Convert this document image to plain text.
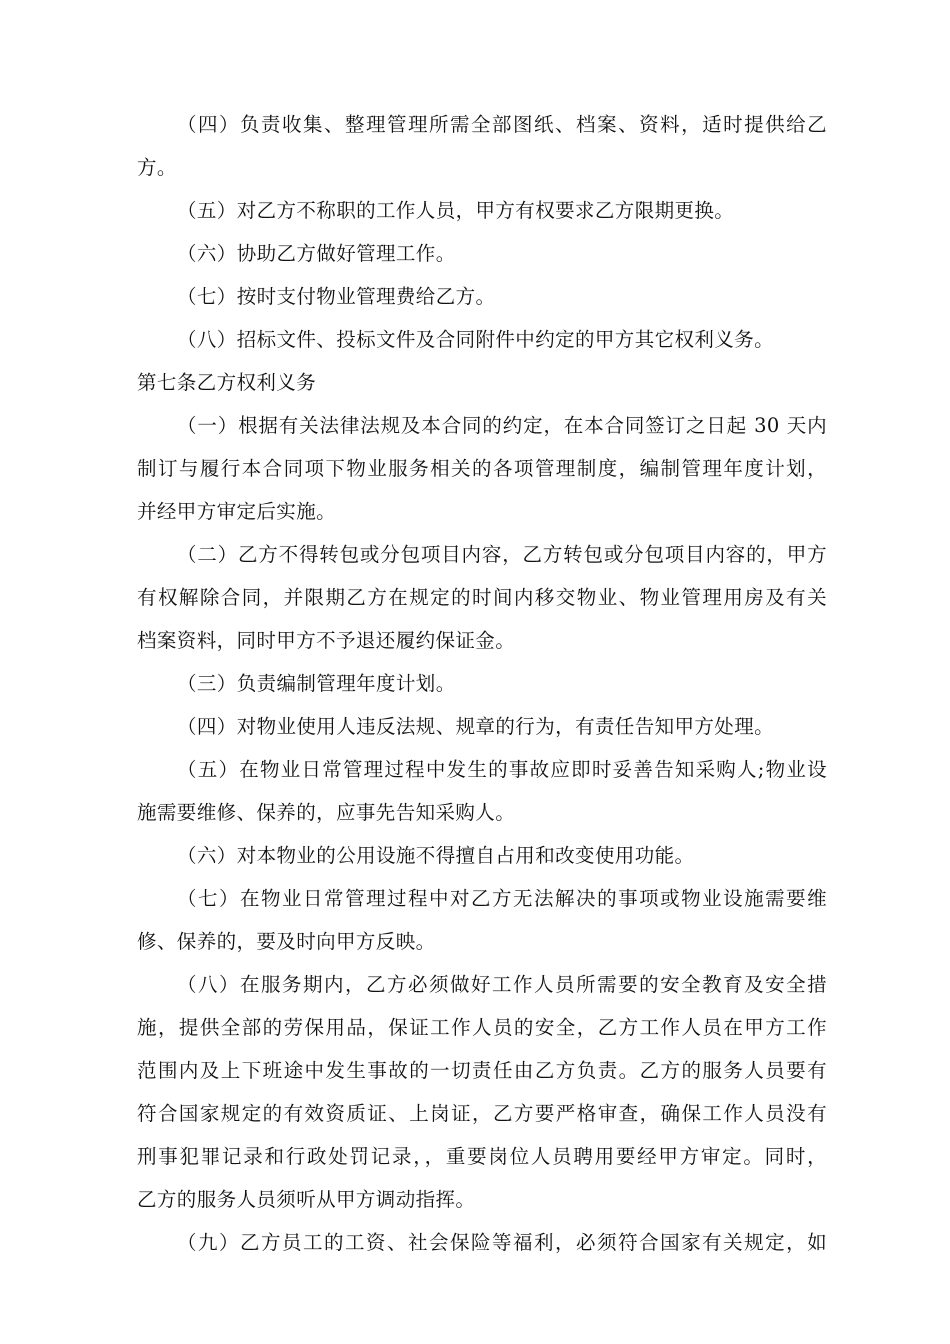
（四）负责收集、整理管理所需全部图纸、档案、资料，适时提供给乙
方。
（五）对乙方不称职的工作人员，甲方有权要求乙方限期更换。
（六）协助乙方做好管理工作。
（七）按时支付物业管理费给乙方。
（八）招标文件、投标文件及合同附件中约定的甲方其它权利义务。
第七条乙方权利义务
（一）根据有关法律法规及本合同的约定，在本合同签订之日起 30 天内
制订与履行本合同项下物业服务相关的各项管理制度，编制管理年度计划，
并经甲方审定后实施。
（二）乙方不得转包或分包项目内容，乙方转包或分包项目内容的，甲方
有权解除合同，并限期乙方在规定的时间内移交物业、物业管理用房及有关
档案资料，同时甲方不予退还履约保证金。
（三）负责编制管理年度计划。
（四）对物业使用人违反法规、规章的行为，有责任告知甲方处理。
（五）在物业日常管理过程中发生的事故应即时妥善告知采购人;物业设
施需要维修、保养的，应事先告知采购人。
（六）对本物业的公用设施不得擅自占用和改变使用功能。
（七）在物业日常管理过程中对乙方无法解决的事项或物业设施需要维
修、保养的，要及时向甲方反映。
（八）在服务期内，乙方必须做好工作人员所需要的安全教育及安全措
施，提供全部的劳保用品，保证工作人员的安全，乙方工作人员在甲方工作
范围内及上下班途中发生事故的一切责任由乙方负责。乙方的服务人员要有
符合国家规定的有效资质证、上岗证，乙方要严格审查，确保工作人员没有
刑事犯罪记录和行政处罚记录，，重要岗位人员聘用要经甲方审定。同时，
乙方的服务人员须听从甲方调动指挥。
（九）乙方员工的工资、社会保险等福利，必须符合国家有关规定，如
